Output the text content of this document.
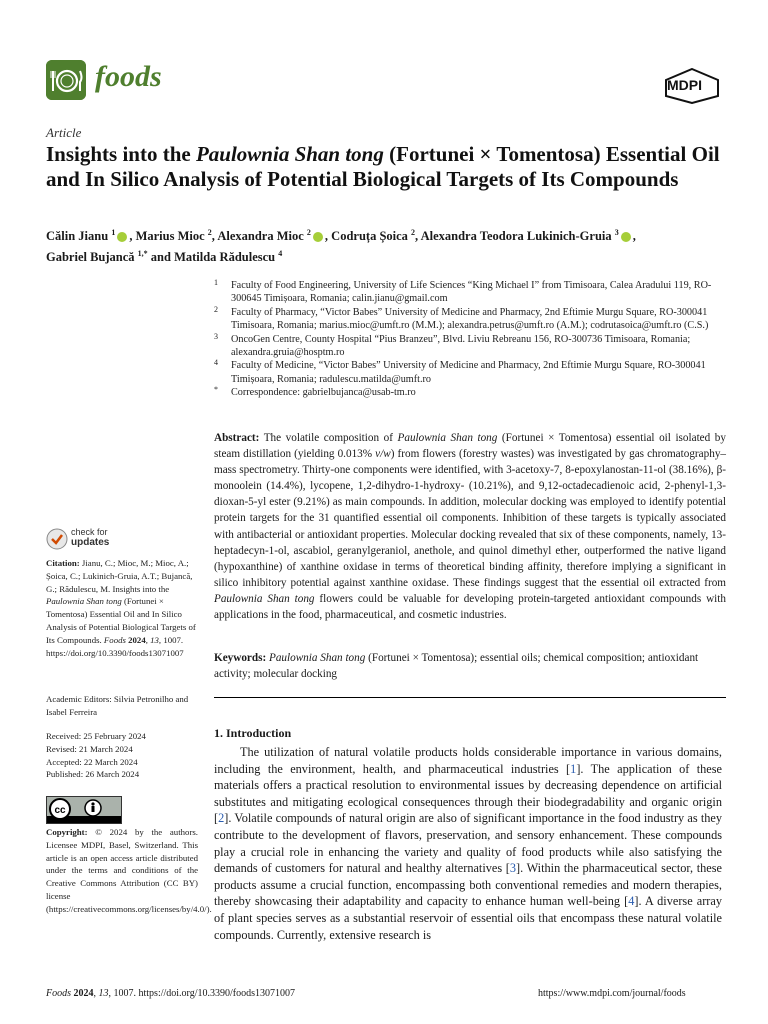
foods	MDPI
Article
Insights into the Paulownia Shan tong (Fortunei × Tomentosa) Essential Oil and In Silico Analysis of Potential Biological Targets of Its Compounds
Călin Jianu $^1$ , Marius Mioc $^2$, Alexandra Mioc $^2$ , Codruța Șoica $^2$, Alexandra Teodora Lukinich-Gruia $^3$ ,
Gabriel Bujancă $^{1,*}$ and Matilda Rădulescu $^4$
1 Faculty of Food Engineering, University of Life Sciences “King Michael I” from Timisoara, Calea Aradului 119, RO-300645 Timișoara, Romania; calin.jianu@gmail.com
2 Faculty of Pharmacy, “Victor Babes” University of Medicine and Pharmacy, 2nd Eftimie Murgu Square, RO-300041 Timisoara, Romania; marius.mioc@umft.ro (M.M.); alexandra.petrus@umft.ro (A.M.); codrutasoica@umft.ro (C.S.)
3 OncoGen Centre, County Hospital “Pius Branzeu”, Blvd. Liviu Rebreanu 156, RO-300736 Timisoara, Romania; alexandra.gruia@hosptm.ro
4 Faculty of Medicine, “Victor Babes” University of Medicine and Pharmacy, 2nd Eftimie Murgu Square, RO-300041 Timișoara, Romania; radulescu.matilda@umft.ro
* Correspondence: gabrielbujanca@usab-tm.ro
Abstract: The volatile composition of Paulownia Shan tong (Fortunei × Tomentosa) essential oil isolated by steam distillation (yielding 0.013% v/w) from flowers (forestry wastes) was investigated by gas chromatography–mass spectrometry. Thirty-one components were identified, with 3-acetoxy-7, 8-epoxylanostan-11-ol (38.16%), β-monoolein (14.4%), lycopene, 1,2-dihydro-1-hydroxy- (10.21%), and 9,12-octadecadienoic acid, 2-phenyl-1,3-dioxan-5-yl ester (9.21%) as main compounds. In addition, molecular docking was employed to identify potential protein targets for the 31 quantified essential oil components. Inhibition of these targets is typically associated with antibacterial or antioxidant properties. Molecular docking revealed that six of these components, namely, 13-heptadecyn-1-ol, ascabiol, geranylgeraniol, anethole, and quinol dimethyl ether, outperformed the native ligand (hypoxanthine) of xanthine oxidase in terms of theoretical binding affinity, therefore implying a significant in silico inhibitory potential against xanthine oxidase. These findings suggest that the essential oil extracted from Paulownia Shan tong flowers could be valuable for developing protein-targeted antioxidant compounds with applications in the food, pharmaceutical, and cosmetic industries.
Keywords: Paulownia Shan tong (Fortunei × Tomentosa); essential oils; chemical composition; antioxidant activity; molecular docking
1. Introduction
The utilization of natural volatile products holds considerable importance in various domains, including the environment, health, and pharmaceutical industries [1]. The application of these materials offers a practical resolution to environmental issues by decreasing dependence on artificial substitutes and mitigating ecological consequences through their biodegradability and organic origin [2]. Volatile compounds of natural origin are also of significant importance in the food industry as they contribute to the development of flavors, preservation, and sensory enhancement. These compounds play a crucial role in enhancing the variety and quality of food products while also satisfying the demands of customers for natural and healthy alternatives [3]. Within the pharmaceutical sector, these products assume a crucial function, encompassing both conventional remedies and modern therapies, thereby showcasing their adaptability and capacity to enhance human well-being [4]. A diverse array of plant species serves as a substantial reservoir of essential oils that encompass these natural volatile compounds. Currently, extensive research is
check for
updates
Citation: Jianu, C.; Mioc, M.; Mioc, A.; Șoica, C.; Lukinich-Gruia, A.T.; Bujancă, G.; Rădulescu, M. Insights into the Paulownia Shan tong (Fortunei × Tomentosa) Essential Oil and In Silico Analysis of Potential Biological Targets of Its Compounds. Foods 2024, 13, 1007. https://doi.org/10.3390/foods13071007
Academic Editors: Silvia Petronilho and Isabel Ferreira
Received: 25 February 2024
Revised: 21 March 2024
Accepted: 22 March 2024
Published: 26 March 2024
cc
Copyright: © 2024 by the authors. Licensee MDPI, Basel, Switzerland. This article is an open access article distributed under the terms and conditions of the Creative Commons Attribution (CC BY) license (https://creativecommons.org/licenses/by/4.0/).
Foods 2024, 13, 1007. https://doi.org/10.3390/foods13071007	https://www.mdpi.com/journal/foods
